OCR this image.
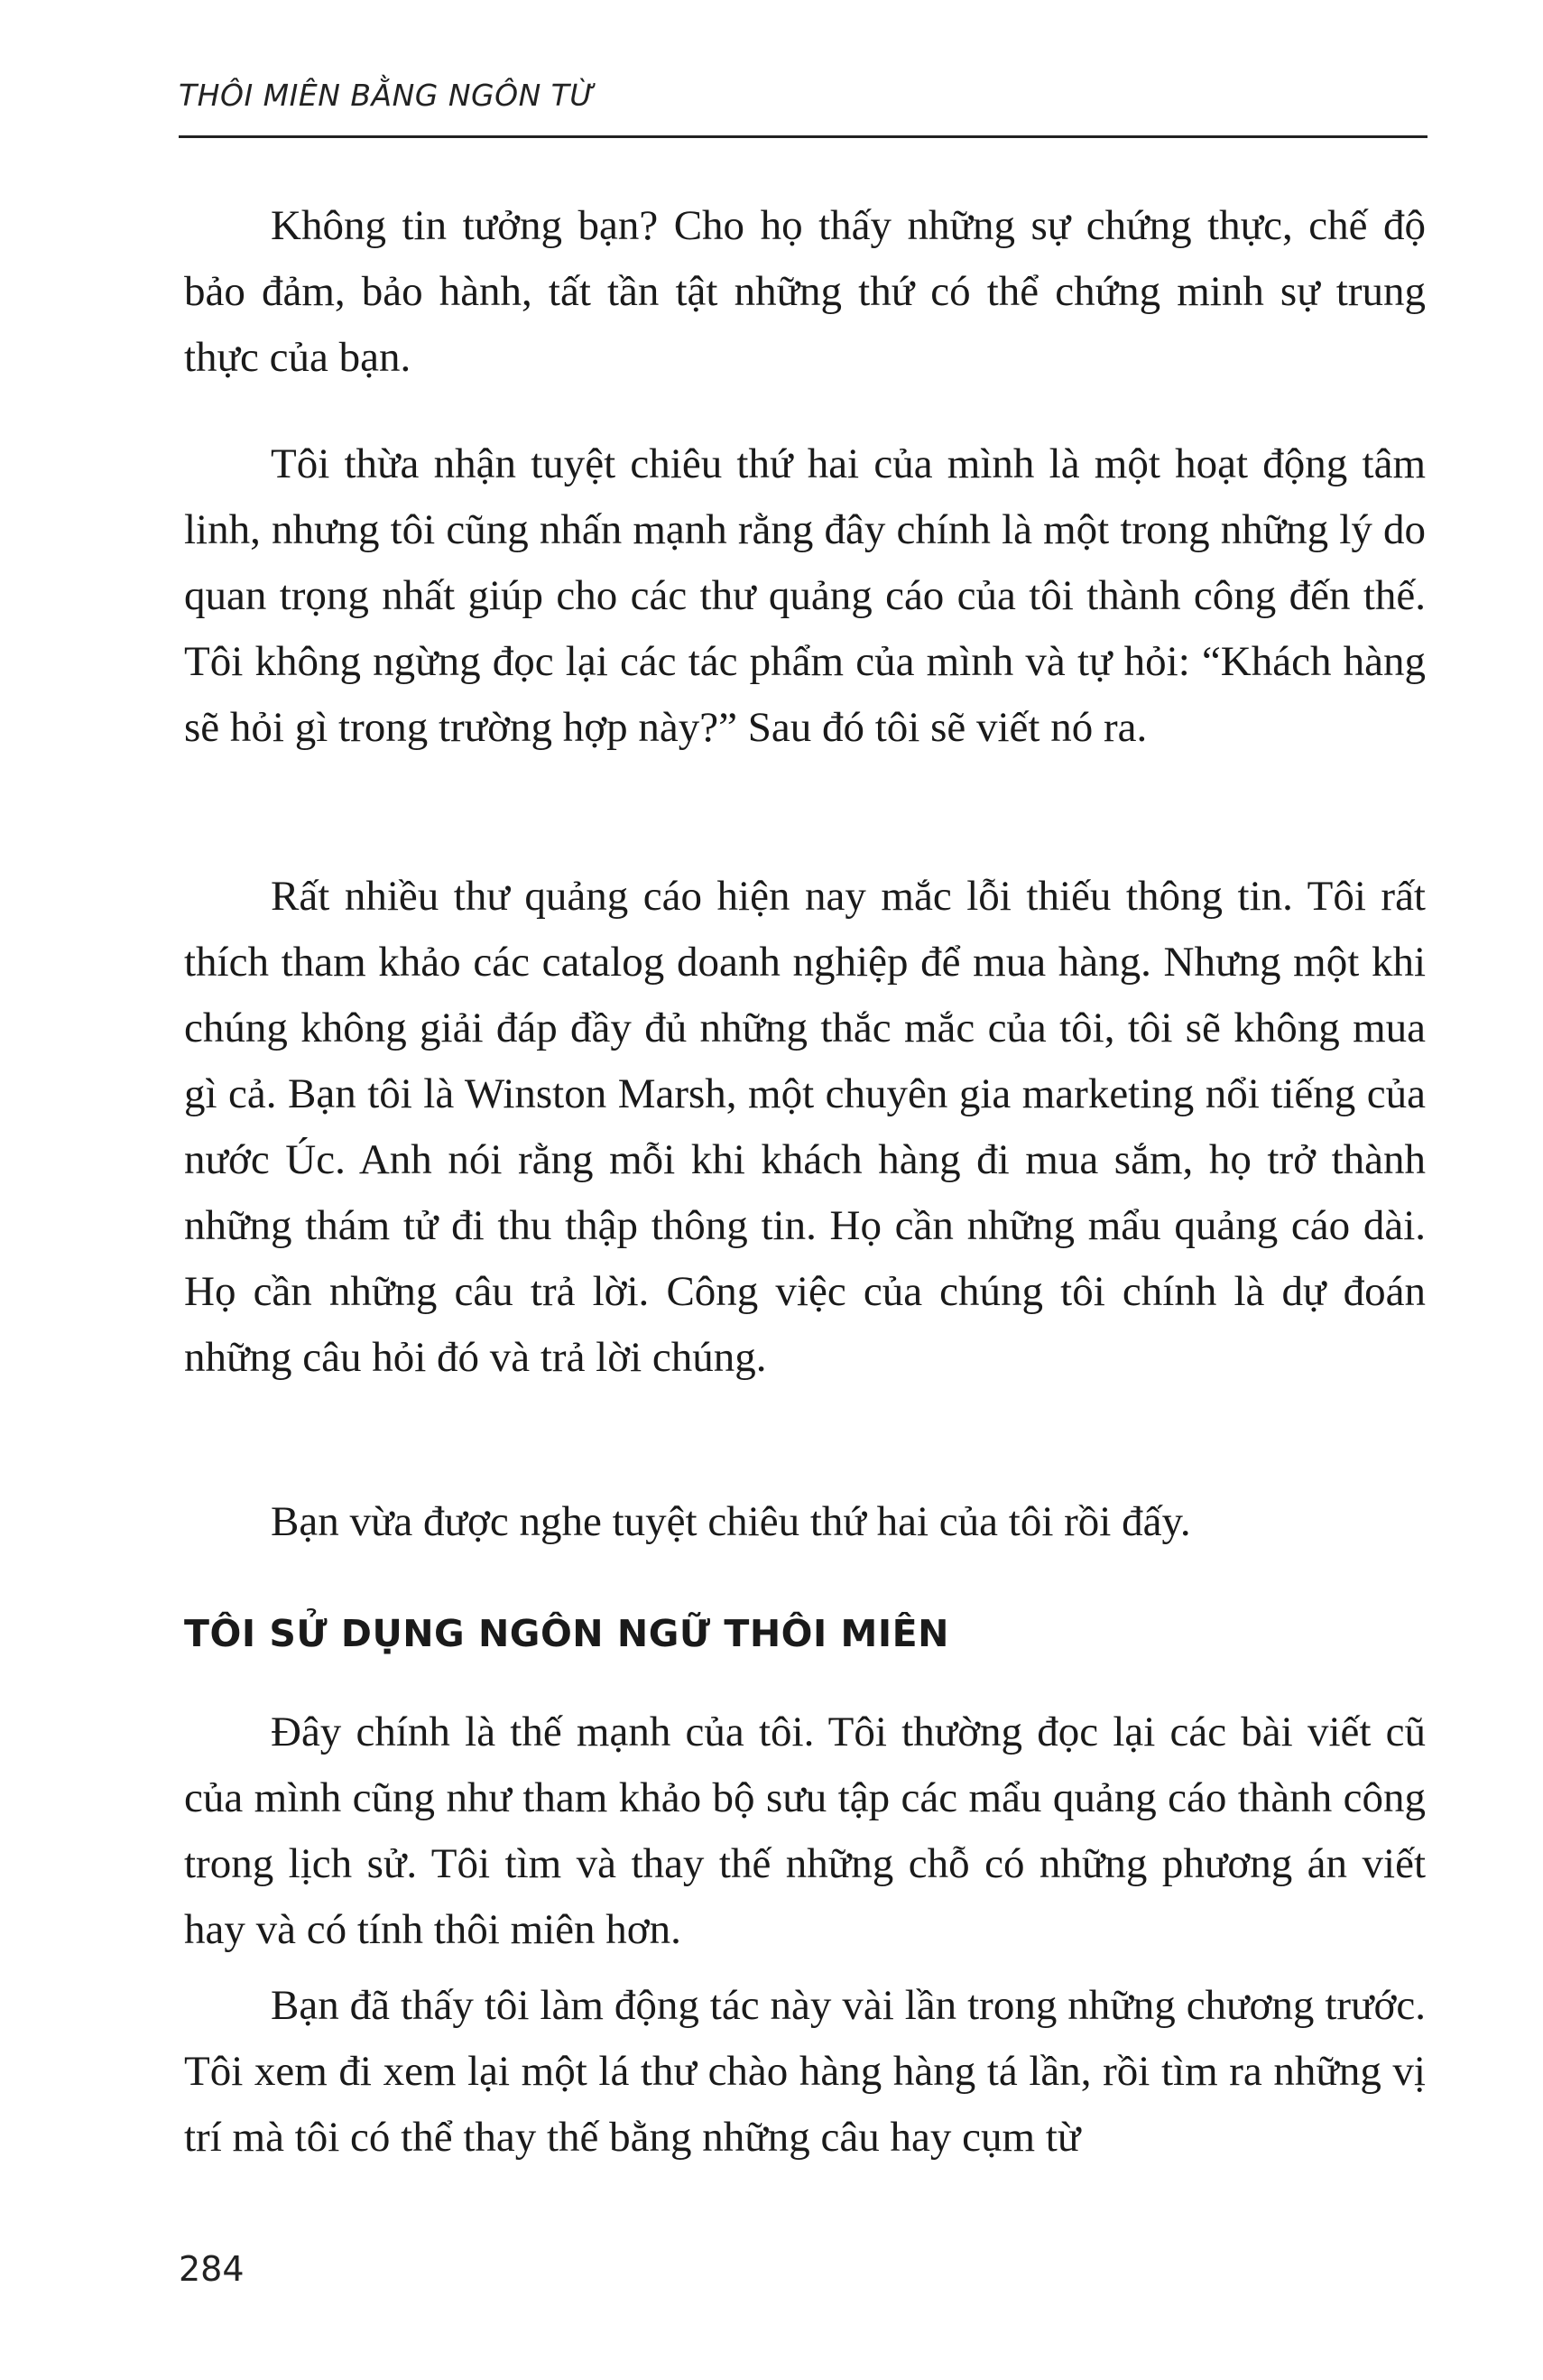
THÔI MIÊN BẰNG NGÔN TỪ

Không tin tưởng bạn? Cho họ thấy những sự chứng thực, chế độ bảo đảm, bảo hành, tất tần tật những thứ có thể chứng minh sự trung thực của bạn.

Tôi thừa nhận tuyệt chiêu thứ hai của mình là một hoạt động tâm linh, nhưng tôi cũng nhấn mạnh rằng đây chính là một trong những lý do quan trọng nhất giúp cho các thư quảng cáo của tôi thành công đến thế. Tôi không ngừng đọc lại các tác phẩm của mình và tự hỏi: “Khách hàng sẽ hỏi gì trong trường hợp này?” Sau đó tôi sẽ viết nó ra.

Rất nhiều thư quảng cáo hiện nay mắc lỗi thiếu thông tin. Tôi rất thích tham khảo các catalog doanh nghiệp để mua hàng. Nhưng một khi chúng không giải đáp đầy đủ những thắc mắc của tôi, tôi sẽ không mua gì cả. Bạn tôi là Winston Marsh, một chuyên gia marketing nổi tiếng của nước Úc. Anh nói rằng mỗi khi khách hàng đi mua sắm, họ trở thành những thám tử đi thu thập thông tin. Họ cần những mẩu quảng cáo dài. Họ cần những câu trả lời. Công việc của chúng tôi chính là dự đoán những câu hỏi đó và trả lời chúng.

Bạn vừa được nghe tuyệt chiêu thứ hai của tôi rồi đấy.

TÔI SỬ DỤNG NGÔN NGỮ THÔI MIÊN

Đây chính là thế mạnh của tôi. Tôi thường đọc lại các bài viết cũ của mình cũng như tham khảo bộ sưu tập các mẩu quảng cáo thành công trong lịch sử. Tôi tìm và thay thế những chỗ có những phương án viết hay và có tính thôi miên hơn.

Bạn đã thấy tôi làm động tác này vài lần trong những chương trước. Tôi xem đi xem lại một lá thư chào hàng hàng tá lần, rồi tìm ra những vị trí mà tôi có thể thay thế bằng những câu hay cụm từ

284
